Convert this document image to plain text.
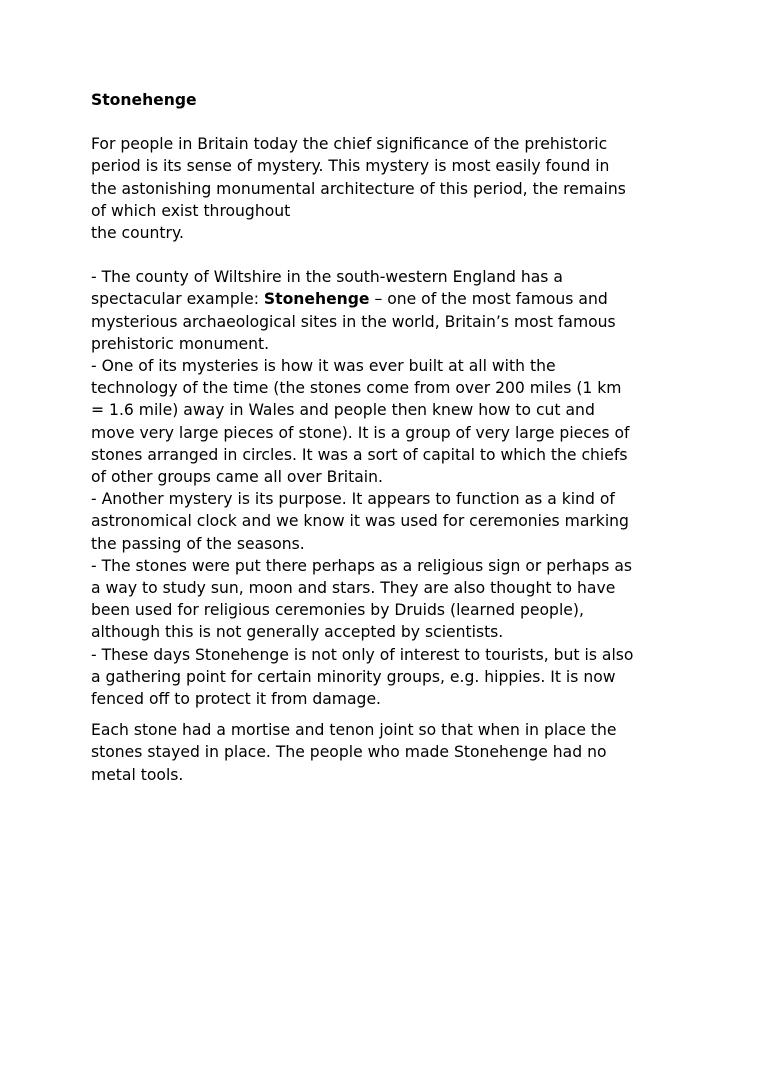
Stonehenge
For people in Britain today the chief significance of the prehistoric
period is its sense of mystery. This mystery is most easily found in
the astonishing monumental architecture of this period, the remains
of which exist throughout
the country.
- The county of Wiltshire in the south-western England has a
spectacular example: Stonehenge – one of the most famous and
mysterious archaeological sites in the world, Britain’s most famous
prehistoric monument.
- One of its mysteries is how it was ever built at all with the
technology of the time (the stones come from over 200 miles (1 km
= 1.6 mile) away in Wales and people then knew how to cut and
move very large pieces of stone). It is a group of very large pieces of
stones arranged in circles. It was a sort of capital to which the chiefs
of other groups came all over Britain.
- Another mystery is its purpose. It appears to function as a kind of
astronomical clock and we know it was used for ceremonies marking
the passing of the seasons.
- The stones were put there perhaps as a religious sign or perhaps as
a way to study sun, moon and stars. They are also thought to have
been used for religious ceremonies by Druids (learned people),
although this is not generally accepted by scientists.
- These days Stonehenge is not only of interest to tourists, but is also
a gathering point for certain minority groups, e.g. hippies. It is now
fenced off to protect it from damage.
Each stone had a mortise and tenon joint so that when in place the
stones stayed in place. The people who made Stonehenge had no
metal tools.
